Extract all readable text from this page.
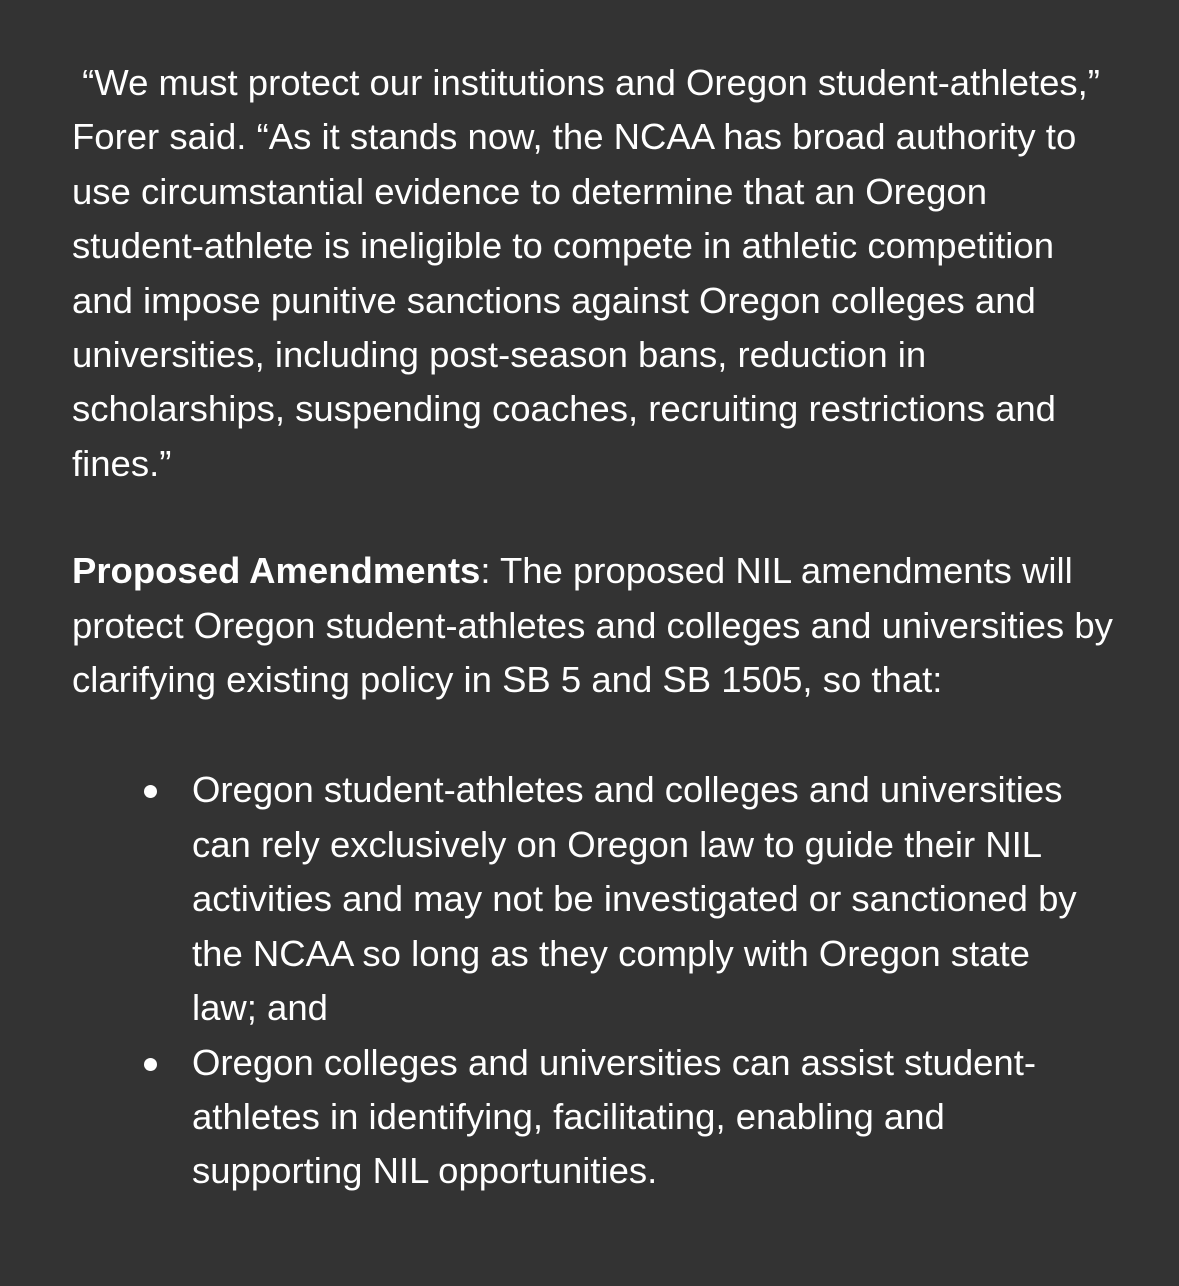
“We must protect our institutions and Oregon student-athletes,” Forer said. “As it stands now, the NCAA has broad authority to use circumstantial evidence to determine that an Oregon student-athlete is ineligible to compete in athletic competition and impose punitive sanctions against Oregon colleges and universities, including post-season bans, reduction in scholarships, suspending coaches, recruiting restrictions and fines.”

Proposed Amendments: The proposed NIL amendments will protect Oregon student-athletes and colleges and universities by clarifying existing policy in SB 5 and SB 1505, so that:

Oregon student-athletes and colleges and universities can rely exclusively on Oregon law to guide their NIL activities and may not be investigated or sanctioned by the NCAA so long as they comply with Oregon state law; and
Oregon colleges and universities can assist student-athletes in identifying, facilitating, enabling and supporting NIL opportunities.
